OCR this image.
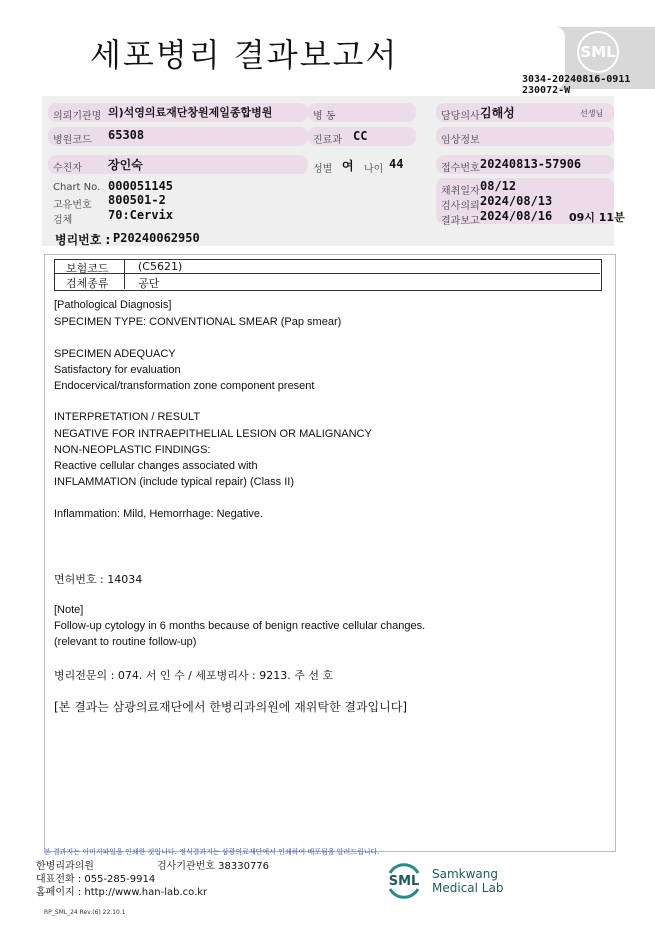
세포병리 결과보고서	SML
3034-20240816-0911
230072-W
의뢰기관명 의)석영의료재단창원제일종합병원	병 동	담당의사 김해성	선생님
병원코드 65308	진료과 CC	임상정보
수진자 장인숙	성별 여 나이 44	접수번호 20240813-57906
Chart No. 000051145
고유번호 800501-2
검체	70:Cervix
채취일자 08/12
검사의뢰 2024/08/13
결과보고 2024/08/16 09시 11분
병리번호 : P20240062950
보험코드	(C5621)
검체종류	공단
[Pathological Diagnosis]
SPECIMEN TYPE: CONVENTIONAL SMEAR (Pap smear)
SPECIMEN ADEQUACY
Satisfactory for evaluation
Endocervical/transformation zone component present
INTERPRETATION / RESULT
NEGATIVE FOR INTRAEPITHELIAL LESION OR MALIGNANCY
NON-NEOPLASTIC FINDINGS:
Reactive cellular changes associated with
INFLAMMATION (include typical repair) (Class II)
Inflammation: Mild, Hemorrhage: Negative.
면허번호 : 14034
[Note]
Follow-up cytology in 6 months because of benign reactive cellular changes.
(relevant to routine follow-up)
병리전문의 : 074. 서 인 수 / 세포병리사 : 9213. 주 선 호
[본 결과는 삼광의료재단에서 한병리과의원에 재위탁한 결과입니다]
본 결과지는 이미지파일을 인쇄한 것입니다. 정식결과지는 삼광의료재단에서 인쇄하여 배포됨을 알려드립니다.
한병리과의원	검사기관번호 38330776
대표전화 : 055-285-9914
홈페이지 : http://www.han-lab.co.kr
SML Samkwang
Medical Lab
RP_SML_24 Rev.(6) 22.10.1
